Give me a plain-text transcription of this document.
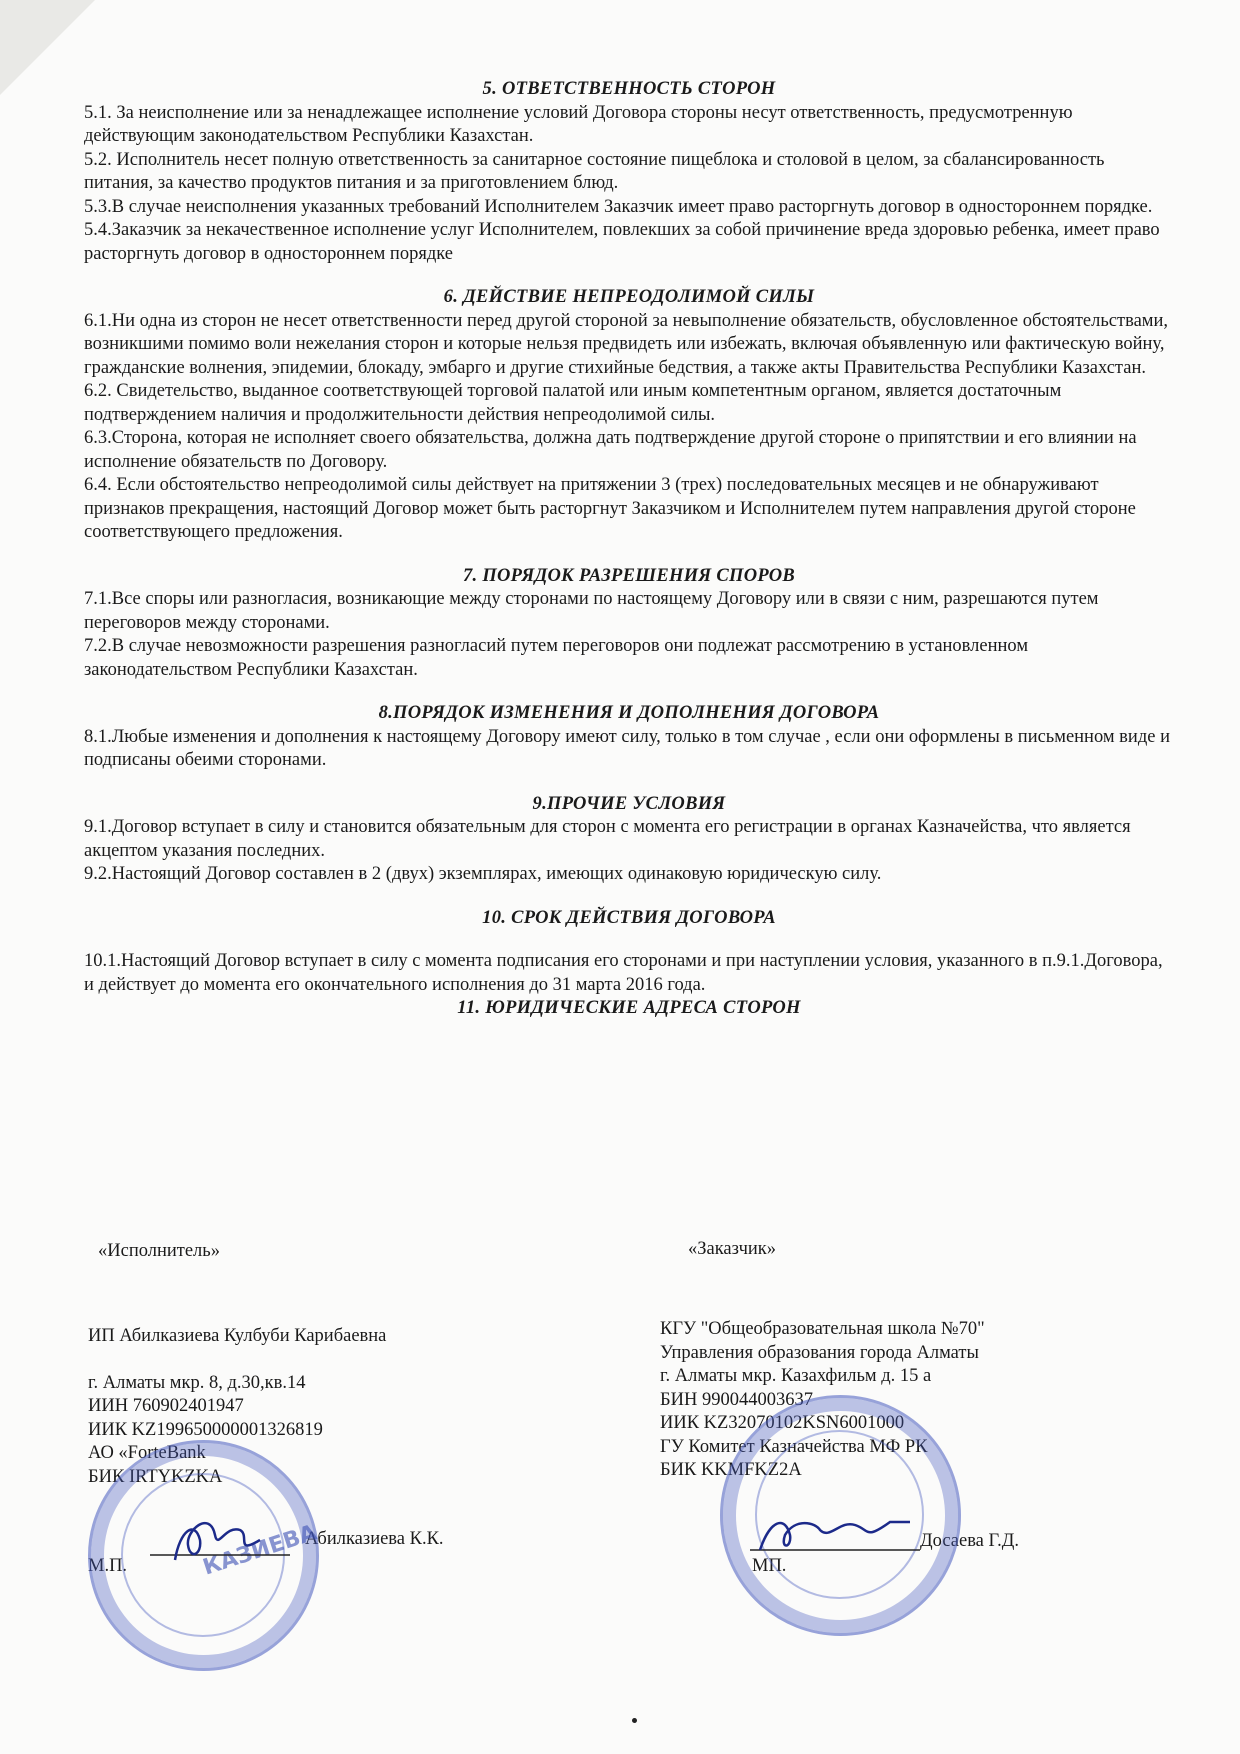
5. ОТВЕТСТВЕННОСТЬ СТОРОН

5.1. За неисполнение или за ненадлежащее исполнение условий Договора стороны несут ответственность, предусмотренную действующим законодательством Республики Казахстан.

5.2. Исполнитель несет полную ответственность за санитарное состояние пищеблока и столовой в целом, за сбалансированность питания, за качество продуктов питания и за приготовлением блюд.

5.3.В случае неисполнения указанных требований Исполнителем Заказчик имеет право расторгнуть договор в одностороннем порядке.

5.4.Заказчик за некачественное исполнение услуг Исполнителем, повлекших за собой причинение вреда здоровью ребенка, имеет право расторгнуть договор в одностороннем порядке

6. ДЕЙСТВИЕ НЕПРЕОДОЛИМОЙ СИЛЫ

6.1.Ни одна из сторон не несет ответственности перед другой стороной за невыполнение обязательств, обусловленное обстоятельствами, возникшими помимо воли нежелания сторон и которые нельзя предвидеть или избежать, включая объявленную или фактическую войну, гражданские волнения, эпидемии, блокаду, эмбарго и другие стихийные бедствия, а также акты Правительства Республики Казахстан.

6.2. Свидетельство, выданное соответствующей торговой палатой или иным компетентным органом, является достаточным подтверждением наличия и продолжительности действия непреодолимой силы.

6.3.Сторона, которая не исполняет своего обязательства, должна дать подтверждение другой стороне о припятствии и его влиянии на исполнение обязательств по Договору.

6.4. Если обстоятельство непреодолимой силы действует на притяжении 3 (трех) последовательных месяцев и не обнаруживают признаков прекращения, настоящий Договор может быть расторгнут Заказчиком и Исполнителем путем направления другой стороне соответствующего предложения.

7. ПОРЯДОК РАЗРЕШЕНИЯ СПОРОВ

7.1.Все споры или разногласия, возникающие между сторонами по настоящему Договору или в связи с ним, разрешаются путем переговоров между сторонами.

7.2.В случае невозможности разрешения разногласий путем переговоров они подлежат рассмотрению в установленном законодательством Республики Казахстан.

8.ПОРЯДОК ИЗМЕНЕНИЯ И ДОПОЛНЕНИЯ ДОГОВОРА

8.1.Любые изменения и дополнения к настоящему Договору имеют силу, только в том случае , если они оформлены в письменном виде и подписаны обеими сторонами.

9.ПРОЧИЕ УСЛОВИЯ

9.1.Договор вступает в силу и становится обязательным для сторон с момента его регистрации в органах Казначейства, что является акцептом указания последних.

9.2.Настоящий Договор составлен в 2 (двух) экземплярах, имеющих одинаковую юридическую силу.

10. СРОК ДЕЙСТВИЯ ДОГОВОРА

10.1.Настоящий Договор вступает в силу с момента подписания его сторонами и при наступлении условия, указанного в п.9.1.Договора, и действует до момента его окончательного исполнения до 31 марта 2016 года.

11. ЮРИДИЧЕСКИЕ АДРЕСА СТОРОН

«Исполнитель»
ИП Абилказиева Кулбуби Карибаевна
г. Алматы мкр. 8, д.30,кв.14
ИИН 760902401947
ИИК KZ199650000001326819
АО «ForteBank
БИК IRTYKZKA
Абилказиева К.К.
М.П.
«Заказчик»
КГУ "Общеобразовательная школа №70"
Управления образования города Алматы
г. Алматы мкр. Казахфильм д. 15 а
БИН 990044003637
ИИК KZ32070102KSN6001000
ГУ Комитет Казначейства МФ РК
БИК KKMFKZ2A
Досаева Г.Д.
МП.
КАЗИЕВА
